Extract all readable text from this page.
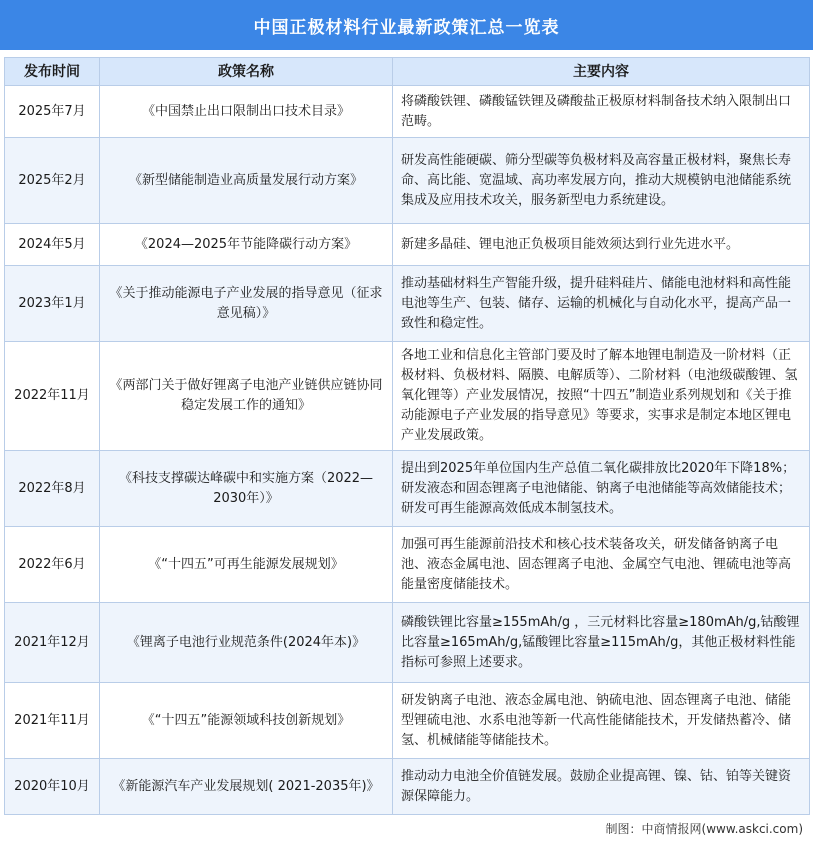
中国正极材料行业最新政策汇总一览表
发布时间	政策名称	主要内容
2025年7月	《中国禁止出口限制出口技术目录》	将磷酸铁锂、磷酸锰铁锂及磷酸盐正极原材料制备技术纳入限制出口范畴。
2025年2月	《新型储能制造业高质量发展行动方案》	研发高性能硬碳、筛分型碳等负极材料及高容量正极材料，聚焦长寿命、高比能、宽温域、高功率发展方向，推动大规模钠电池储能系统集成及应用技术攻关，服务新型电力系统建设。
2024年5月	《2024—2025年节能降碳行动方案》	新建多晶硅、锂电池正负极项目能效须达到行业先进水平。
2023年1月	《关于推动能源电子产业发展的指导意见（征求意见稿）》	推动基础材料生产智能升级，提升硅料硅片、储能电池材料和高性能电池等生产、包装、储存、运输的机械化与自动化水平，提高产品一致性和稳定性。
2022年11月	《两部门关于做好锂离子电池产业链供应链协同稳定发展工作的通知》	各地工业和信息化主管部门要及时了解本地锂电制造及一阶材料（正极材料、负极材料、隔膜、电解质等）、二阶材料（电池级碳酸锂、氢氧化锂等）产业发展情况，按照“十四五”制造业系列规划和《关于推动能源电子产业发展的指导意见》等要求，实事求是制定本地区锂电产业发展政策。
2022年8月	《科技支撑碳达峰碳中和实施方案（2022—2030年）》	提出到2025年单位国内生产总值二氧化碳排放比2020年下降18%；研发液态和固态锂离子电池储能、钠离子电池储能等高效储能技术；研发可再生能源高效低成本制氢技术。
2022年6月	《“十四五”可再生能源发展规划》	加强可再生能源前沿技术和核心技术装备攻关，研发储备钠离子电池、液态金属电池、固态锂离子电池、金属空气电池、锂硫电池等高能量密度储能技术。
2021年12月	《锂离子电池行业规范条件(2024年本)》	磷酸铁锂比容量≥155mAh/g ，三元材料比容量≥180mAh/g,钴酸锂比容量≥165mAh/g,锰酸锂比容量≥115mAh/g，其他正极材料性能指标可参照上述要求。
2021年11月	《“十四五”能源领域科技创新规划》	研发钠离子电池、液态金属电池、钠硫电池、固态锂离子电池、储能型锂硫电池、水系电池等新一代高性能储能技术，开发储热蓄冷、储氢、机械储能等储能技术。
2020年10月	《新能源汽车产业发展规划( 2021-2035年)》	推动动力电池全价值链发展。鼓励企业提高锂、镍、钴、铂等关键资源保障能力。
制图：中商情报网(www.askci.com)
